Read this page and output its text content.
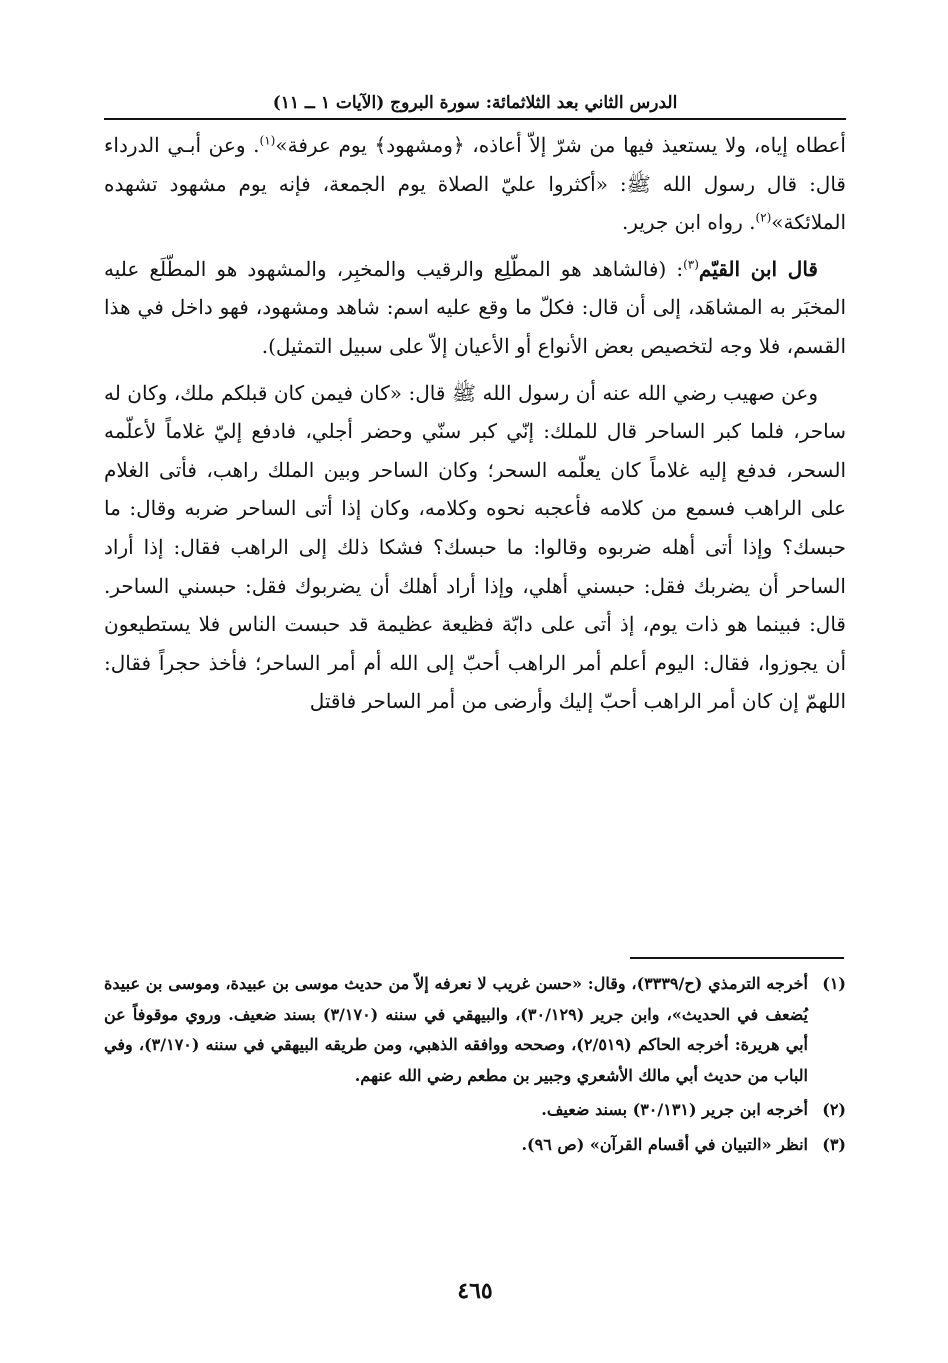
الدرس الثاني بعد الثلاثمائة: سورة البروج (الآيات ١ ــ ١١)

أعطاه إياه، ولا يستعيذ فيها من شرّ إلاّ أعاذه، ﴿ومشهود﴾ يوم عرفة»$^{(١)}$. وعن أبـي الدرداء قال: قال رسول الله ﷺ: «أكثروا عليّ الصلاة يوم الجمعة، فإنه يوم مشهود تشهده الملائكة»$^{(٢)}$. رواه ابن جرير.

قال ابن القيّم$^{(٣)}$: (فالشاهد هو المطّلِع والرقيب والمخبِر، والمشهود هو المطّلَع عليه المخبَر به المشاهَد، إلى أن قال: فكلّ ما وقع عليه اسم: شاهد ومشهود، فهو داخل في هذا القسم، فلا وجه لتخصيص بعض الأنواع أو الأعيان إلاّ على سبيل التمثيل).

وعن صهيب رضي الله عنه أن رسول الله ﷺ قال: «كان فيمن كان قبلكم ملك، وكان له ساحر، فلما كبر الساحر قال للملك: إنّي كبر سنّي وحضر أجلي، فادفع إليّ غلاماً لأعلّمه السحر، فدفع إليه غلاماً كان يعلّمه السحر؛ وكان الساحر وبين الملك راهب، فأتى الغلام على الراهب فسمع من كلامه فأعجبه نحوه وكلامه، وكان إذا أتى الساحر ضربه وقال: ما حبسك؟ وإذا أتى أهله ضربوه وقالوا: ما حبسك؟ فشكا ذلك إلى الراهب فقال: إذا أراد الساحر أن يضربك فقل: حبسني أهلي، وإذا أراد أهلك أن يضربوك فقل: حبسني الساحر. قال: فبينما هو ذات يوم، إذ أتى على دابّة فظيعة عظيمة قد حبست الناس فلا يستطيعون أن يجوزوا، فقال: اليوم أعلم أمر الراهب أحبّ إلى الله أم أمر الساحر؛ فأخذ حجراً فقال: اللهمّ إن كان أمر الراهب أحبّ إليك وأرضى من أمر الساحر فاقتل

(١)
أخرجه الترمذي (ح/٣٣٣٩)، وقال: «حسن غريب لا نعرفه إلاّ من حديث موسى بن عبيدة، وموسى بن عبيدة يُضعف في الحديث»، وابن جرير (٣٠/١٢٩)، والبيهقي في سننه (٣/١٧٠) بسند ضعيف. وروي موقوفاً عن أبي هريرة: أخرجه الحاكم (٢/٥١٩)، وصححه ووافقه الذهبي، ومن طريقه البيهقي في سننه (٣/١٧٠)، وفي الباب من حديث أبي مالك الأشعري وجبير بن مطعم رضي الله عنهم.
(٢)
أخرجه ابن جرير (٣٠/١٣١) بسند ضعيف.
(٣)
انظر «التبيان في أقسام القرآن» (ص ٩٦).
٤٦٥
